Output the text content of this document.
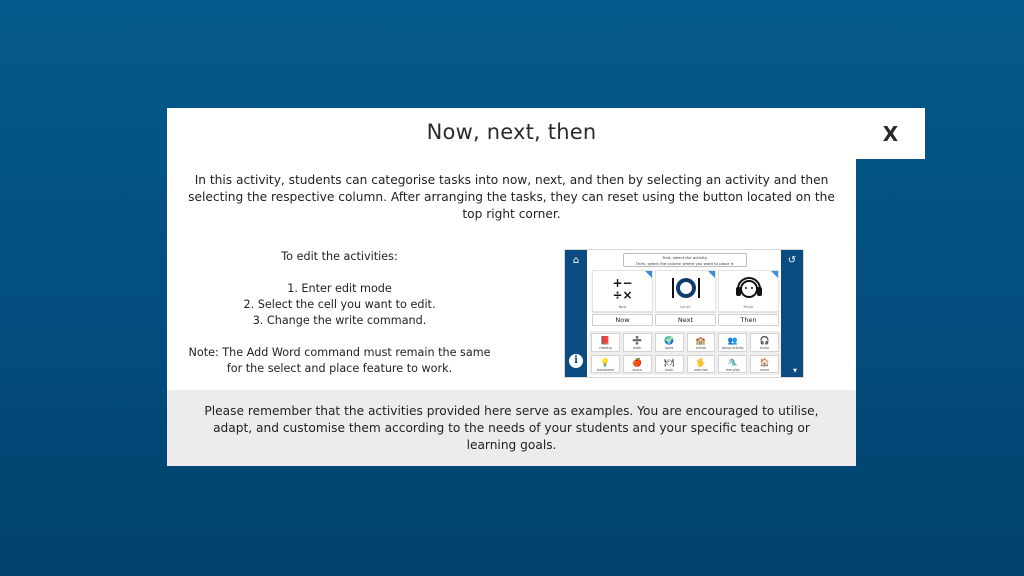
Now, next, then

In this activity, students can categorise tasks into now, next, and then by selecting an activity and then selecting the respective column. After arranging the tasks, they can reset using the button located on the top right corner.

To edit the activities:
1. Enter edit mode
2. Select the cell you want to edit.
3. Change the write command.
Note: The Add Word command must remain the same
for the select and place feature to work.
⌂	↺
i
First, select the activity.
Then, select the column where you want to place it.
+−
÷×
Now	Lunch	Music
Now	Next	Then
📕
reading
➗
math
🌍
sport
🏫
school
👥
group activity
🎧
music
💡
brainstorm
🍎
snack
🍽
lunch
🖐
exercise
🛝
free play
🏠
home	▼

Please remember that the activities provided here serve as examples. You are encouraged to utilise, adapt, and customise them according to the needs of your students and your specific teaching or learning goals.

X
